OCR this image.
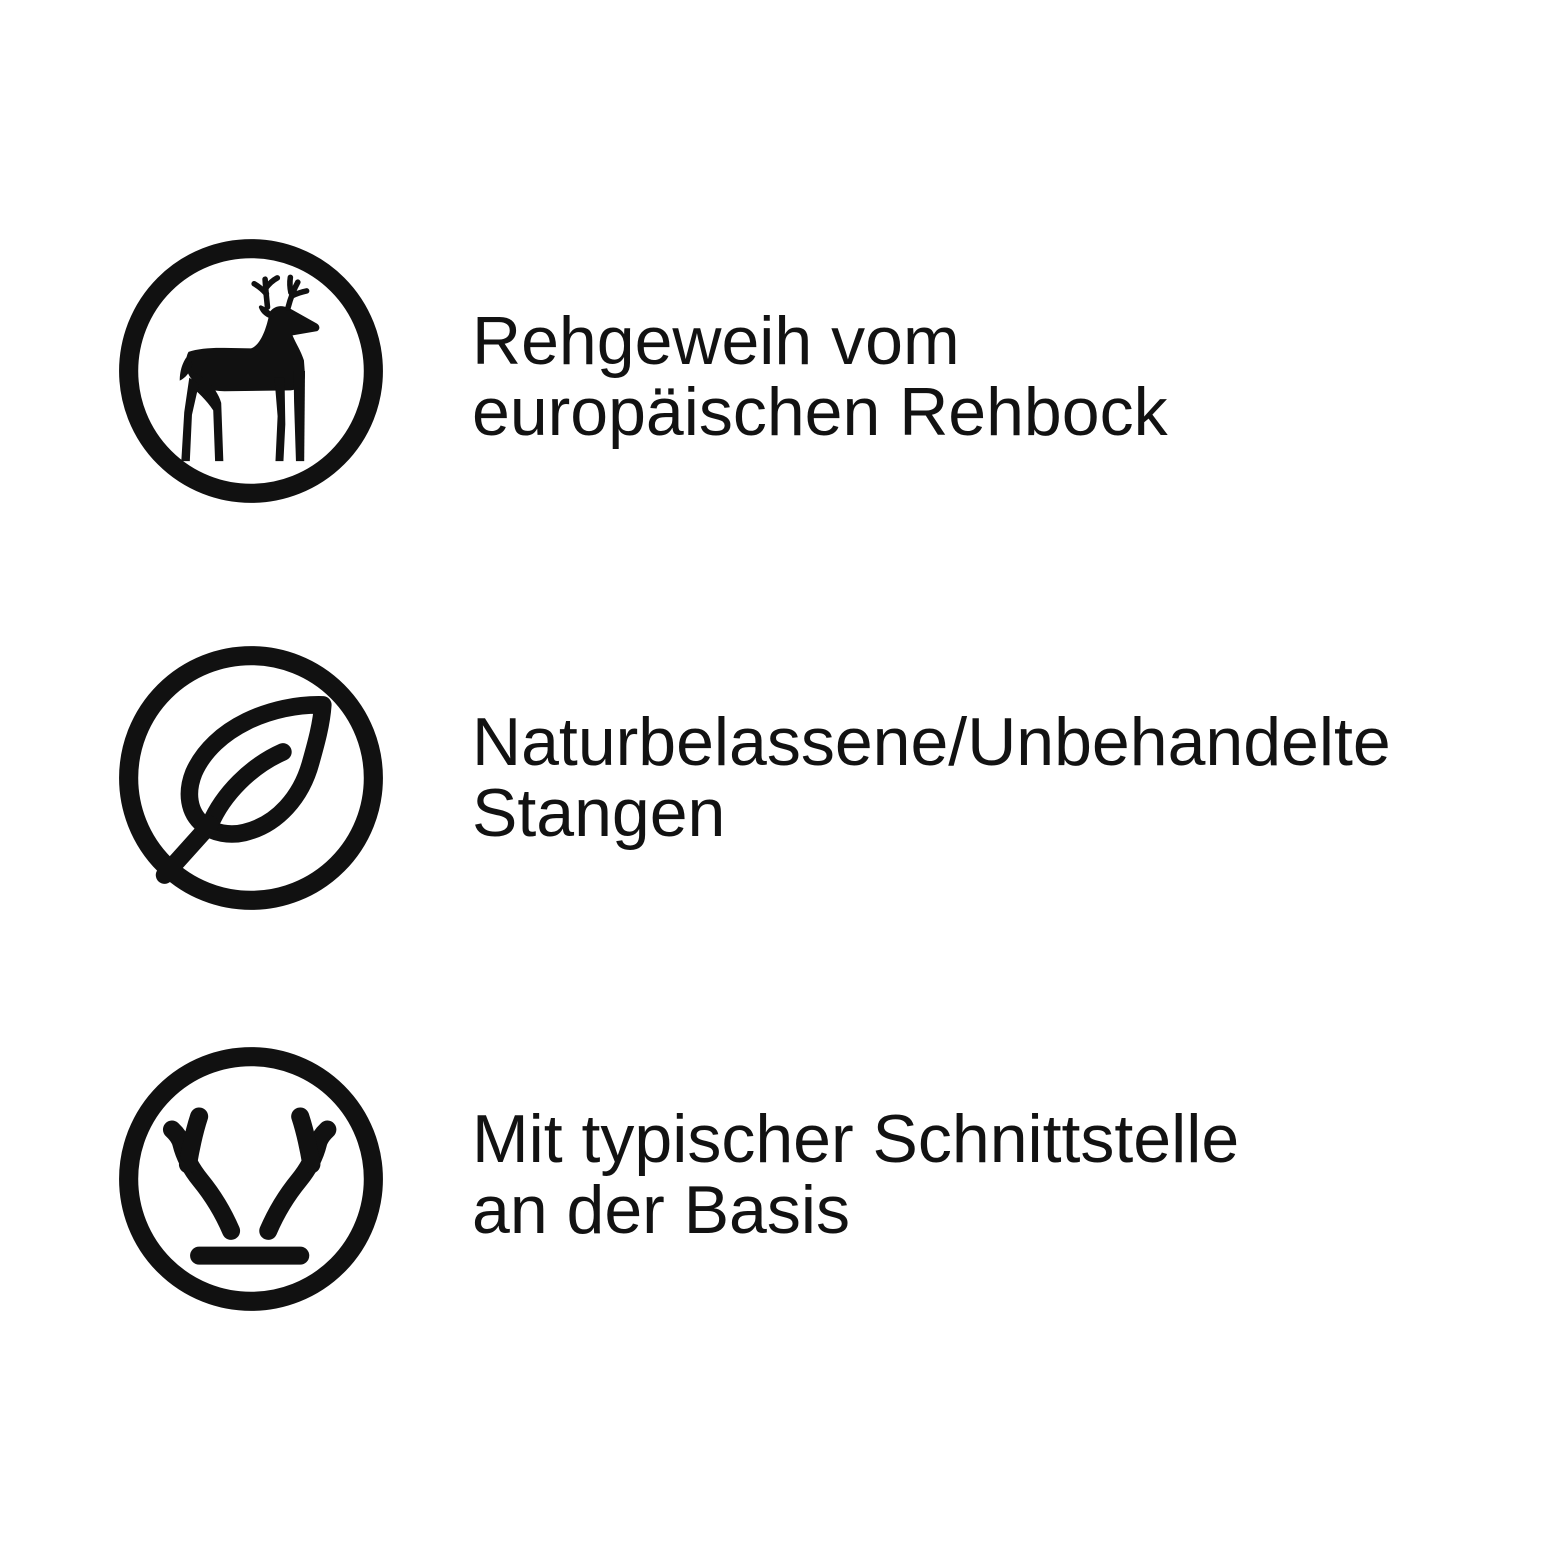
Rehgeweih vom
europäischen Rehbock
Naturbelassene/Unbehandelte
Stangen
Mit typischer Schnittstelle
an der Basis
